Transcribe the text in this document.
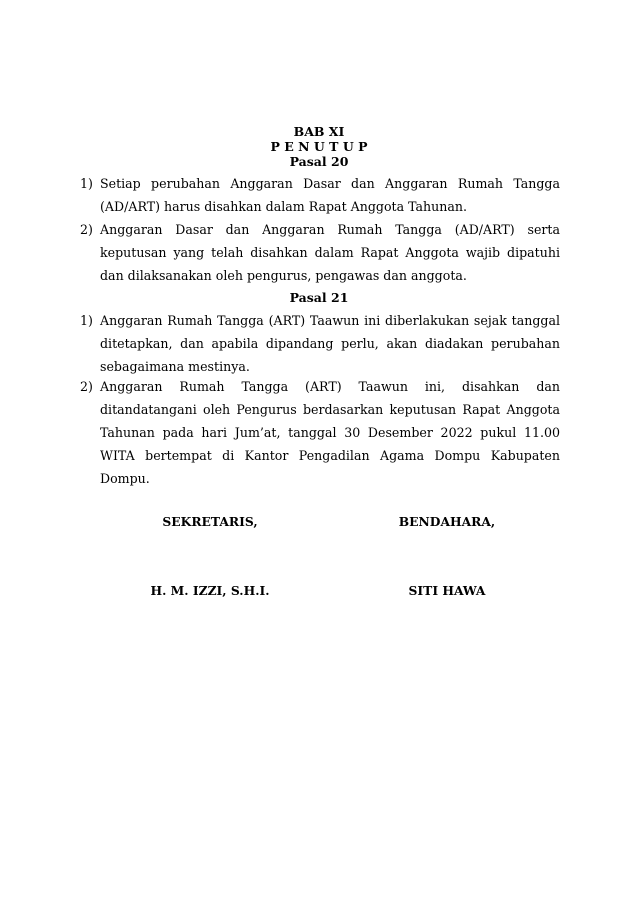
BAB XI
P E N U T U P
Pasal 20
1) Setiap perubahan Anggaran Dasar dan Anggaran Rumah Tangga (AD/ART) harus disahkan dalam Rapat Anggota Tahunan.
2) Anggaran Dasar dan Anggaran Rumah Tangga (AD/ART) serta keputusan yang telah disahkan dalam Rapat Anggota wajib dipatuhi dan dilaksanakan oleh pengurus, pengawas dan anggota.
Pasal 21
1) Anggaran Rumah Tangga (ART) Taawun ini diberlakukan sejak tanggal ditetapkan, dan apabila dipandang perlu, akan diadakan perubahan sebagaimana mestinya.
2) Anggaran Rumah Tangga (ART) Taawun ini, disahkan dan ditandatangani oleh Pengurus berdasarkan keputusan Rapat Anggota Tahunan pada hari Jum’at, tanggal 30 Desember 2022 pukul 11.00 WITA bertempat di Kantor Pengadilan Agama Dompu Kabupaten Dompu.
SEKRETARIS,	BENDAHARA,
H. M. IZZI, S.H.I.	SITI HAWA
